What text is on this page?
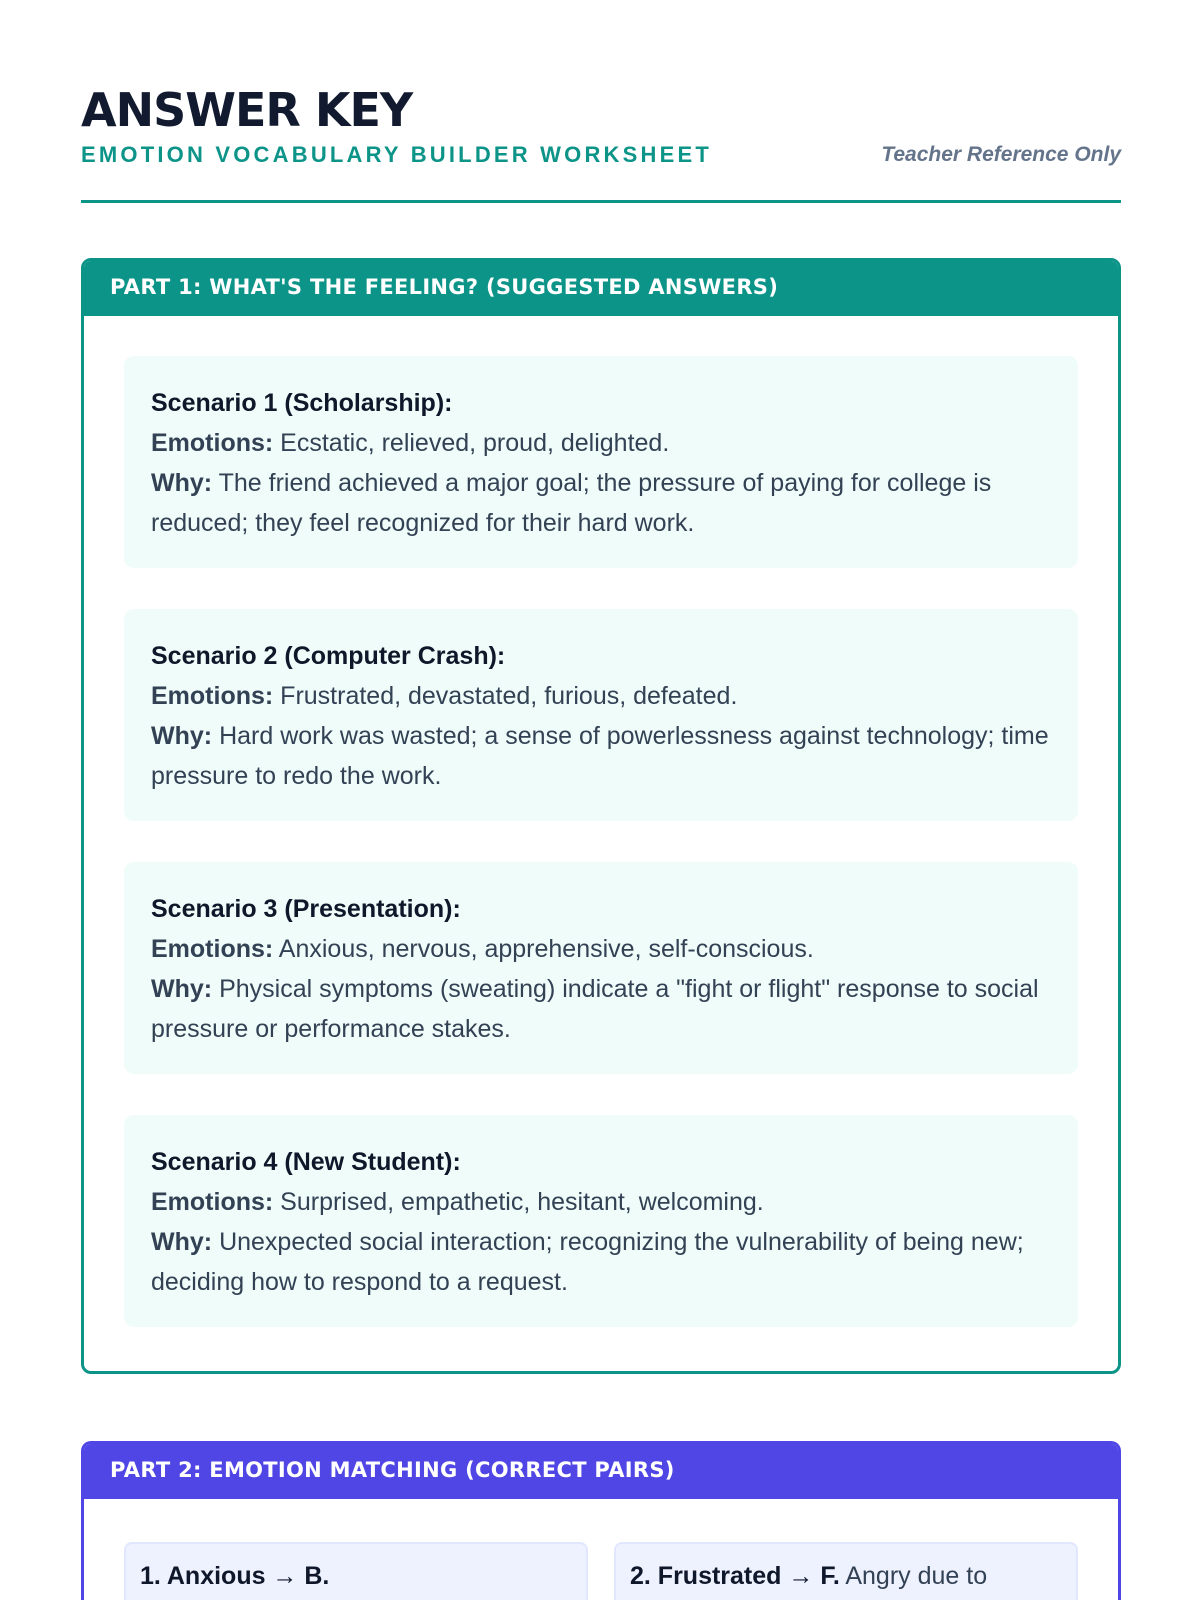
ANSWER KEY
EMOTION VOCABULARY BUILDER WORKSHEET	Teacher Reference Only
PART 1: WHAT'S THE FEELING? (SUGGESTED ANSWERS)
Scenario 1 (Scholarship):
Emotions: Ecstatic, relieved, proud, delighted.
Why: The friend achieved a major goal; the pressure of paying for college is reduced; they feel recognized for their hard work.
Scenario 2 (Computer Crash):
Emotions: Frustrated, devastated, furious, defeated.
Why: Hard work was wasted; a sense of powerlessness against technology; time pressure to redo the work.
Scenario 3 (Presentation):
Emotions: Anxious, nervous, apprehensive, self-conscious.
Why: Physical symptoms (sweating) indicate a "fight or flight" response to social pressure or performance stakes.
Scenario 4 (New Student):
Emotions: Surprised, empathetic, hesitant, welcoming.
Why: Unexpected social interaction; recognizing the vulnerability of being new; deciding how to respond to a request.
PART 2: EMOTION MATCHING (CORRECT PAIRS)
1. Anxious → B.	2. Frustrated → F. Angry due to
